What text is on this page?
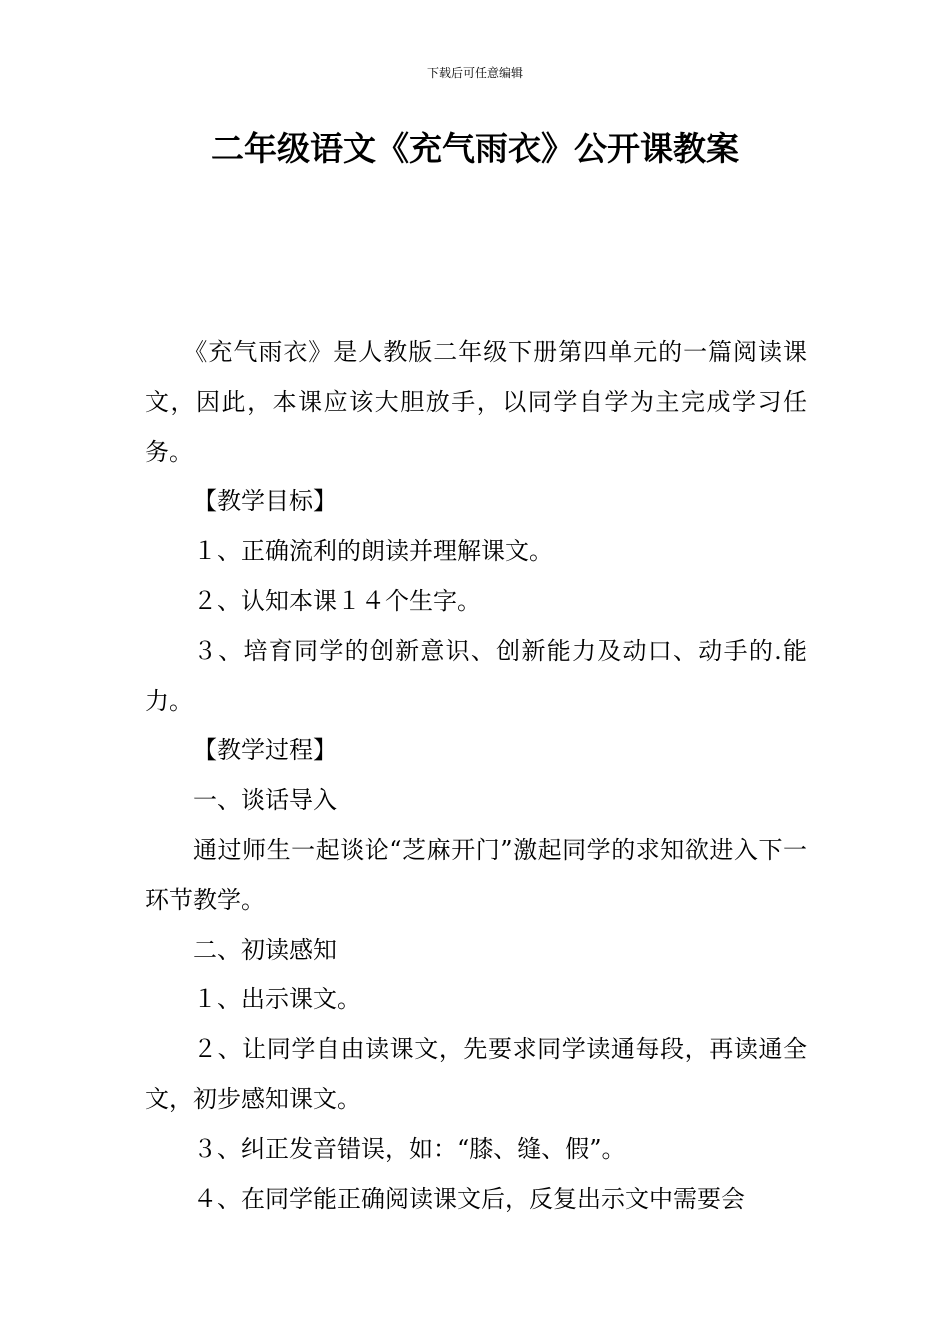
下载后可任意编辑
二年级语文《充气雨衣》公开课教案

《充气雨衣》是人教版二年级下册第四单元的一篇阅读课文，因此，本课应该大胆放手，以同学自学为主完成学习任务。

【教学目标】

１、正确流利的朗读并理解课文。

２、认知本课１４个生字。

３、培育同学的创新意识、创新能力及动口、动手的.能力。

【教学过程】

一、谈话导入

通过师生一起谈论“芝麻开门”激起同学的求知欲进入下一环节教学。

二、初读感知

１、出示课文。

２、让同学自由读课文，先要求同学读通每段，再读通全文，初步感知课文。

３、纠正发音错误，如：“膝、缝、假”。

４、在同学能正确阅读课文后，反复出示文中需要会
